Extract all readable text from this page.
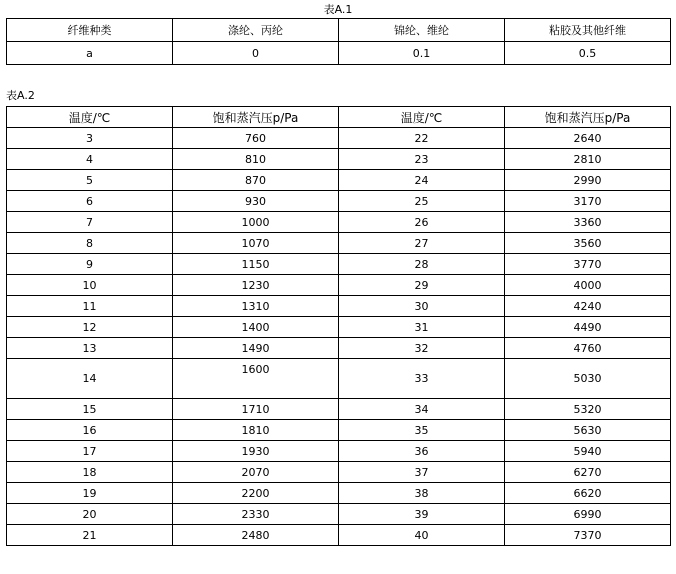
表A.1
纤维种类	涤纶、丙纶	锦纶、维纶	粘胶及其他纤维
a	0	0.1	0.5
表A.2
温度/℃	饱和蒸汽压p/Pa	温度/℃	饱和蒸汽压p/Pa
3	760	22	2640
4	810	23	2810
5	870	24	2990
6	930	25	3170
7	1000	26	3360
8	1070	27	3560
9	1150	28	3770
10	1230	29	4000
11	1310	30	4240
12	1400	31	4490
13	1490	32	4760
14	1600	33	5030
15	1710	34	5320
16	1810	35	5630
17	1930	36	5940
18	2070	37	6270
19	2200	38	6620
20	2330	39	6990
21	2480	40	7370
